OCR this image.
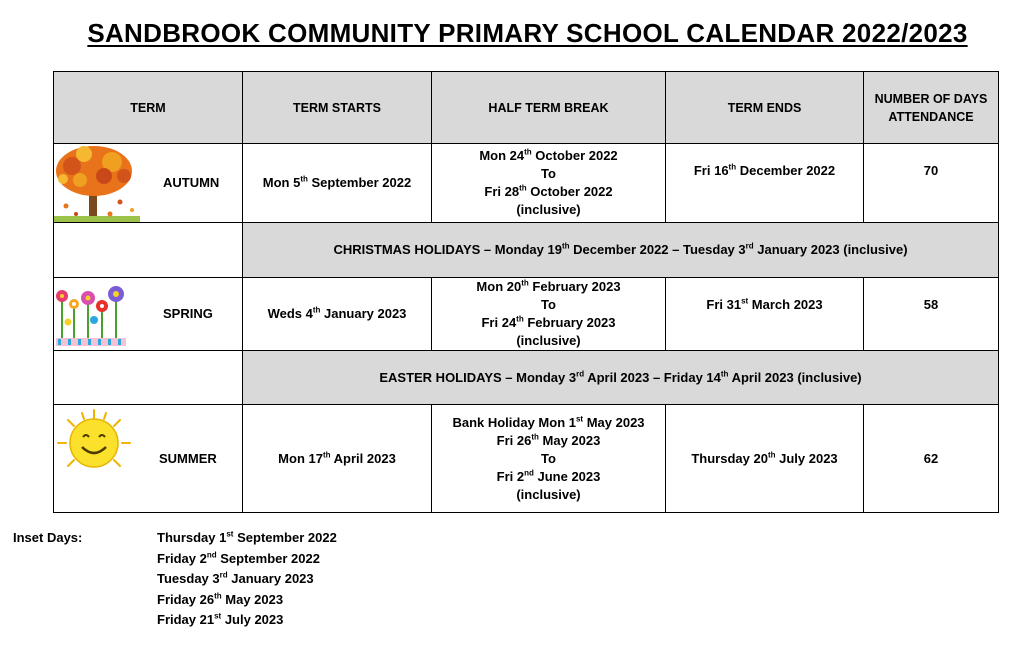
SANDBROOK COMMUNITY PRIMARY SCHOOL CALENDAR 2022/2023
TERM	TERM STARTS	HALF TERM BREAK	TERM ENDS	NUMBER OF DAYS
ATTENDANCE

AUTUMN	Mon 5th September 2022	Mon 24th October 2022
To
Fri 28th October 2022
(inclusive)	Fri 16th December 2022	70
	CHRISTMAS HOLIDAYS – Monday 19th December 2022 – Tuesday 3rd January 2023 (inclusive)			

SPRING	Weds 4th January 2023	Mon 20th February 2023
To
Fri 24th February 2023
(inclusive)	Fri 31st March 2023	58
	EASTER HOLIDAYS – Monday 3rd April 2023 – Friday 14th April 2023 (inclusive)			

SUMMER	Mon 17th April 2023	Bank Holiday Mon 1st May 2023
Fri 26th May 2023
To
Fri 2nd June 2023
(inclusive)	Thursday 20th July 2023	62
Inset Days:	Thursday 1st September 2022
Friday 2nd September 2022
Tuesday 3rd January 2023
Friday 26th May 2023
Friday 21st July 2023
